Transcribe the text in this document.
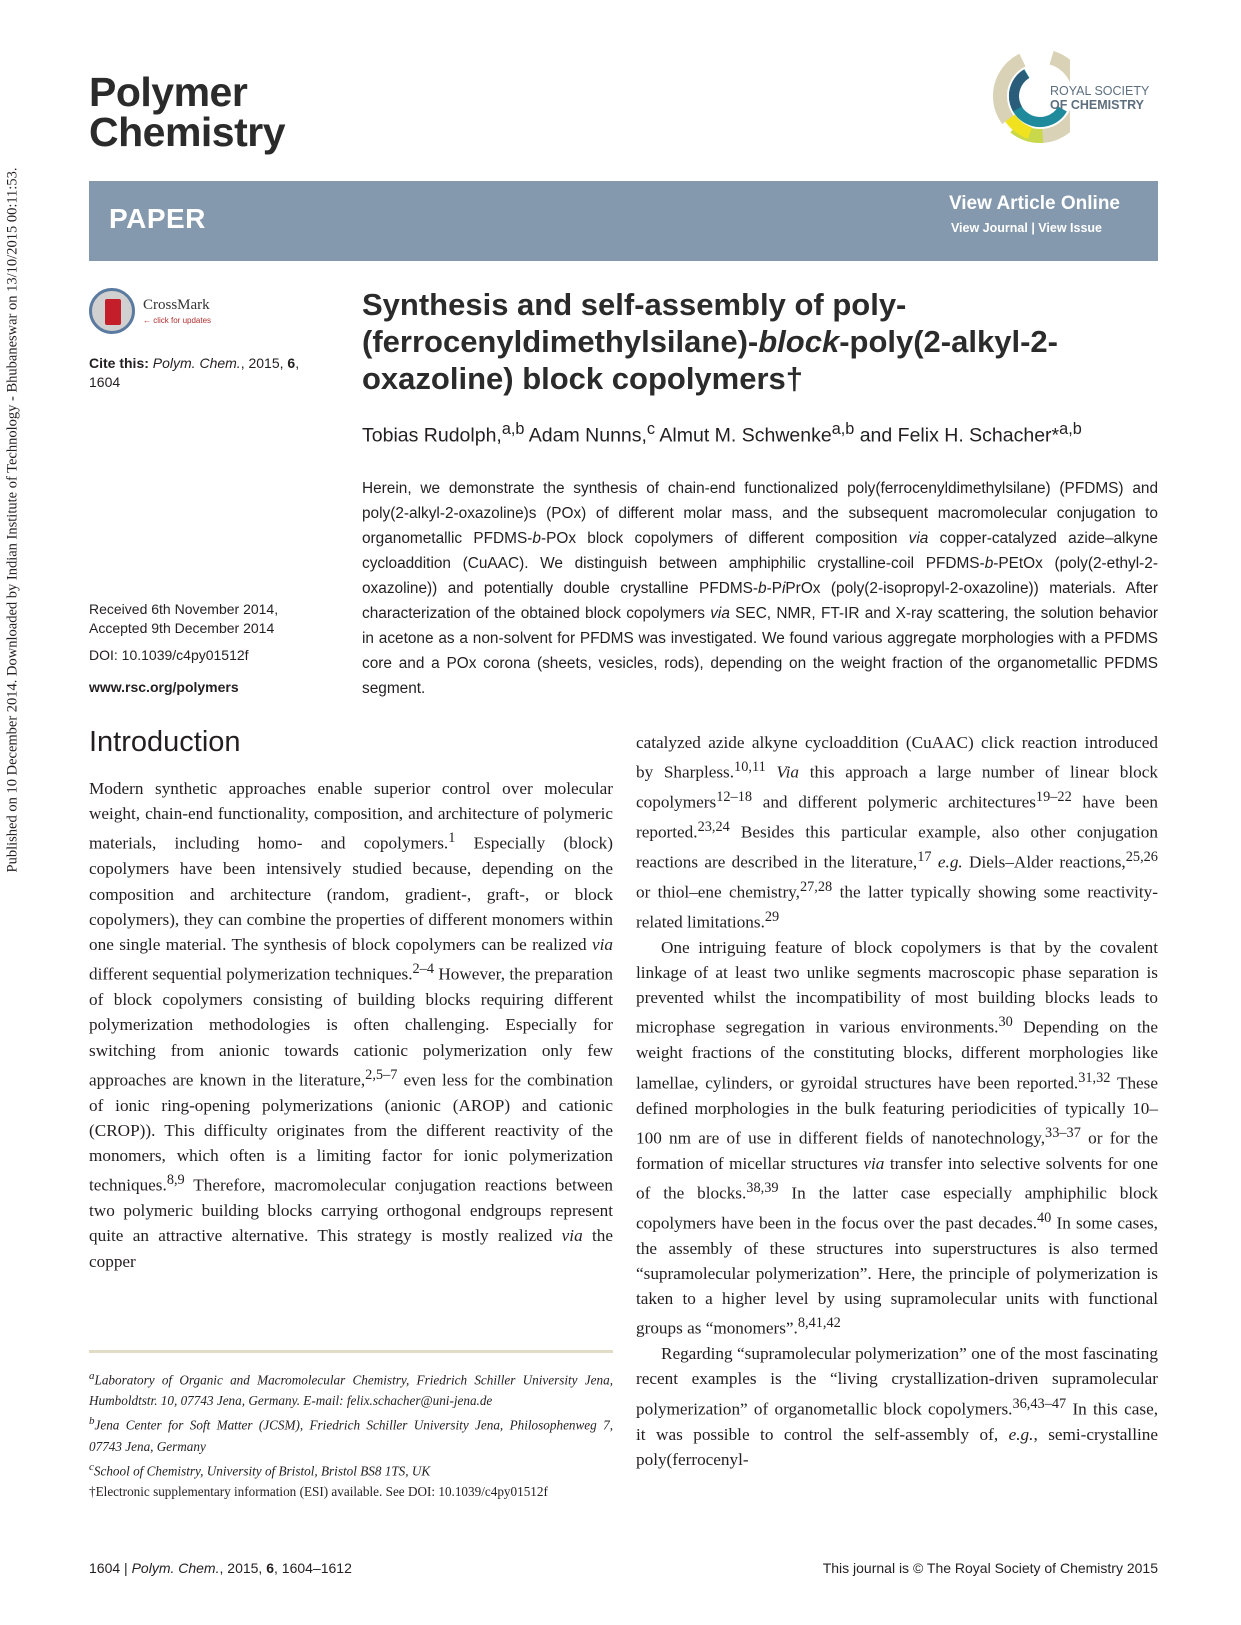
Published on 10 December 2014. Downloaded by Indian Institute of Technology - Bhubaneswar on 13/10/2015 00:11:53.
Polymer
Chemistry
ROYAL SOCIETY
OF CHEMISTRY
PAPER	View Article Online
View Journal | View Issue
CrossMark
← click for updates
Cite this: Polym. Chem., 2015, 6, 1604
Received 6th November 2014,
Accepted 9th December 2014
DOI: 10.1039/c4py01512f
www.rsc.org/polymers
Synthesis and self-assembly of poly-(ferrocenyldimethylsilane)-block-poly(2-alkyl-2-oxazoline) block copolymers†
Tobias Rudolph,$^{a,b}$ Adam Nunns,$^c$ Almut M. Schwenke$^{a,b}$ and Felix H. Schacher*$^{a,b}$
Herein, we demonstrate the synthesis of chain-end functionalized poly(ferrocenyldimethylsilane) (PFDMS) and poly(2-alkyl-2-oxazoline)s (POx) of different molar mass, and the subsequent macromolecular conjugation to organometallic PFDMS-b-POx block copolymers of different composition via copper-catalyzed azide–alkyne cycloaddition (CuAAC). We distinguish between amphiphilic crystalline-coil PFDMS-b-PEtOx (poly(2-ethyl-2-oxazoline)) and potentially double crystalline PFDMS-b-PiPrOx (poly(2-isopropyl-2-oxazoline)) materials. After characterization of the obtained block copolymers via SEC, NMR, FT-IR and X-ray scattering, the solution behavior in acetone as a non-solvent for PFDMS was investigated. We found various aggregate morphologies with a PFDMS core and a POx corona (sheets, vesicles, rods), depending on the weight fraction of the organometallic PFDMS segment.
Introduction
Modern synthetic approaches enable superior control over molecular weight, chain-end functionality, composition, and architecture of polymeric materials, including homo- and copolymers.$^1$ Especially (block) copolymers have been intensively studied because, depending on the composition and architecture (random, gradient-, graft-, or block copolymers), they can combine the properties of different monomers within one single material. The synthesis of block copolymers can be realized via different sequential polymerization techniques.$^{2-4}$ However, the preparation of block copolymers consisting of building blocks requiring different polymerization methodologies is often challenging. Especially for switching from anionic towards cationic polymerization only few approaches are known in the literature,$^{2,5-7}$ even less for the combination of ionic ring-opening polymerizations (anionic (AROP) and cationic (CROP)). This difficulty originates from the different reactivity of the monomers, which often is a limiting factor for ionic polymerization techniques.$^{8,9}$ Therefore, macromolecular conjugation reactions between two polymeric building blocks carrying orthogonal endgroups represent quite an attractive alternative. This strategy is mostly realized via the copper

catalyzed azide alkyne cycloaddition (CuAAC) click reaction introduced by Sharpless.$^{10,11}$ Via this approach a large number of linear block copolymers$^{12-18}$ and different polymeric architectures$^{19-22}$ have been reported.$^{23,24}$ Besides this particular example, also other conjugation reactions are described in the literature,$^{17}$ e.g. Diels–Alder reactions,$^{25,26}$ or thiol–ene chemistry,$^{27,28}$ the latter typically showing some reactivity-related limitations.$^{29}$

One intriguing feature of block copolymers is that by the covalent linkage of at least two unlike segments macroscopic phase separation is prevented whilst the incompatibility of most building blocks leads to microphase segregation in various environments.$^{30}$ Depending on the weight fractions of the constituting blocks, different morphologies like lamellae, cylinders, or gyroidal structures have been reported.$^{31,32}$ These defined morphologies in the bulk featuring periodicities of typically 10–100 nm are of use in different fields of nanotechnology,$^{33-37}$ or for the formation of micellar structures via transfer into selective solvents for one of the blocks.$^{38,39}$ In the latter case especially amphiphilic block copolymers have been in the focus over the past decades.$^{40}$ In some cases, the assembly of these structures into superstructures is also termed “supramolecular polymerization”. Here, the principle of polymerization is taken to a higher level by using supramolecular units with functional groups as “monomers”.$^{8,41,42}$

Regarding “supramolecular polymerization” one of the most fascinating recent examples is the “living crystallization-driven supramolecular polymerization” of organometallic block copolymers.$^{36,43-47}$ In this case, it was possible to control the self-assembly of, e.g., semi-crystalline poly(ferrocenyl-

$^a$Laboratory of Organic and Macromolecular Chemistry, Friedrich Schiller University Jena, Humboldtstr. 10, 07743 Jena, Germany. E-mail: felix.schacher@uni-jena.de
$^b$Jena Center for Soft Matter (JCSM), Friedrich Schiller University Jena, Philosophenweg 7, 07743 Jena, Germany
$^c$School of Chemistry, University of Bristol, Bristol BS8 1TS, UK
†Electronic supplementary information (ESI) available. See DOI: 10.1039/c4py01512f
1604 | Polym. Chem., 2015, 6, 1604–1612	This journal is © The Royal Society of Chemistry 2015
